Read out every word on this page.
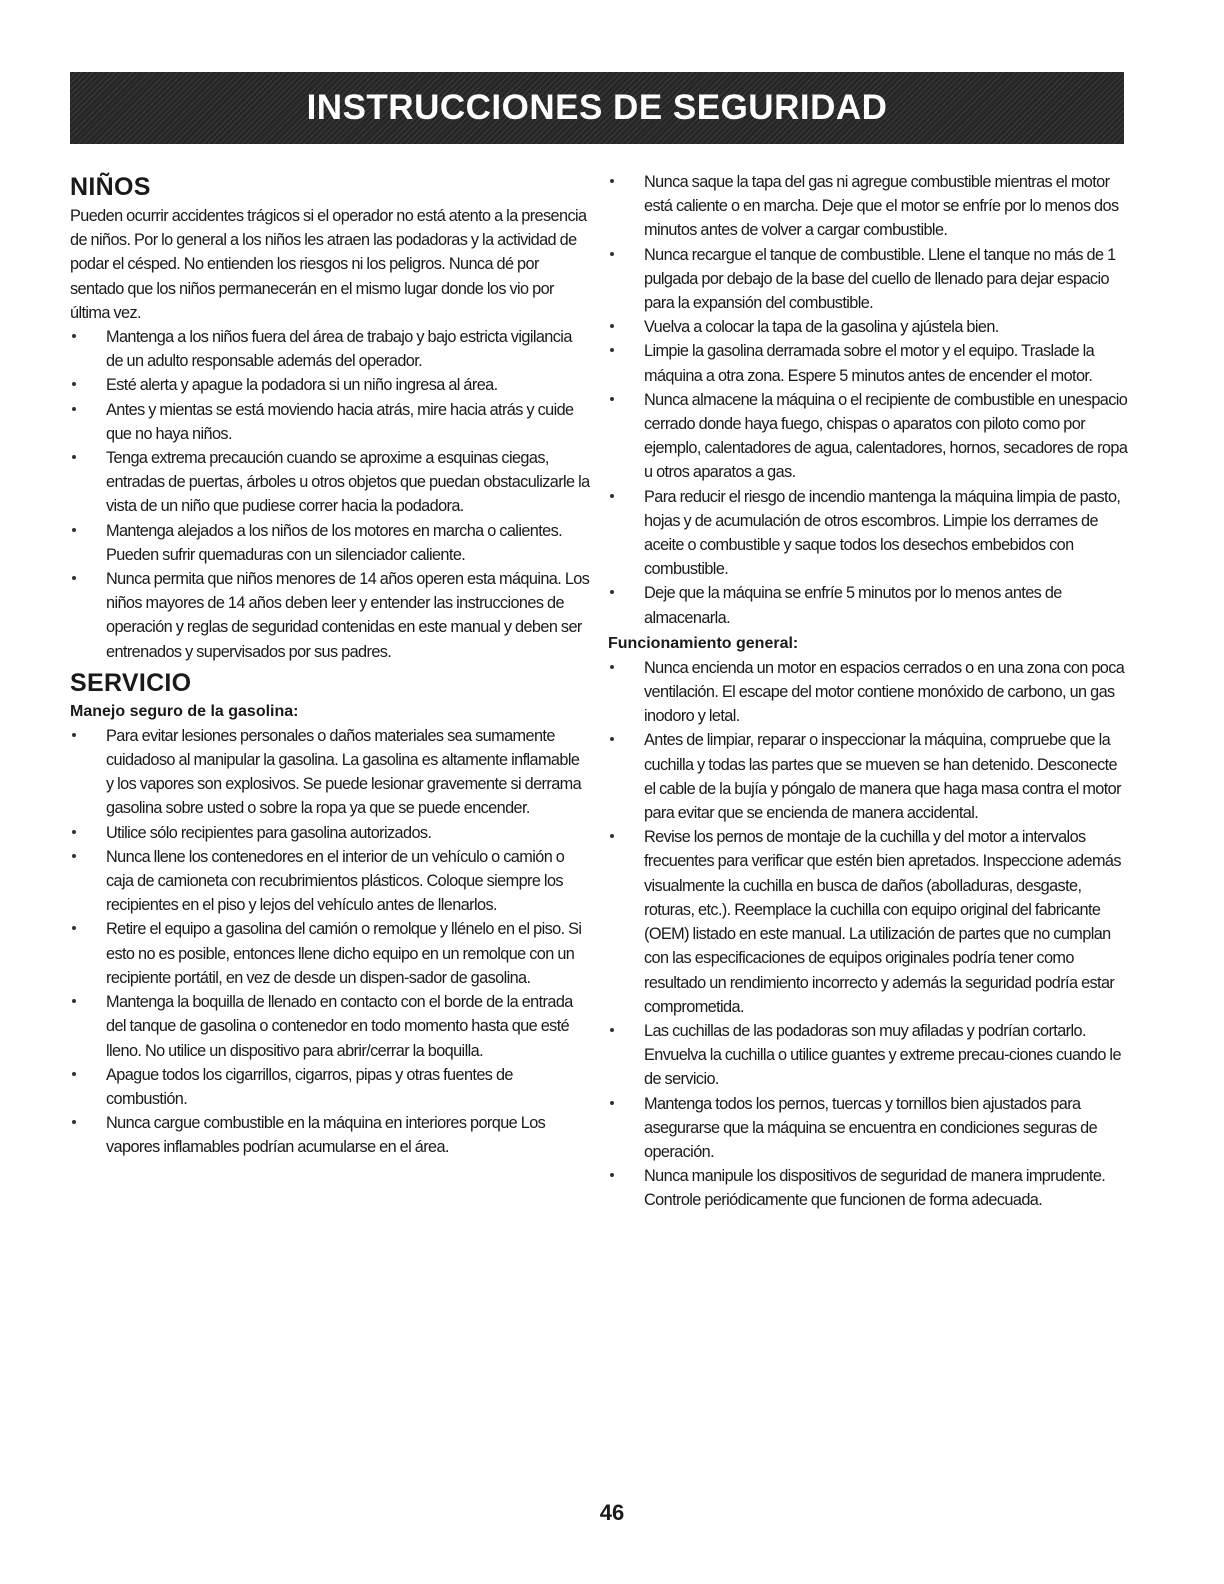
INSTRUCCIONES DE SEGURIDAD
NIÑOS

Pueden ocurrir accidentes trágicos si el operador no está atento a la presencia de niños. Por lo general a los niños les atraen las podadoras y la actividad de podar el césped. No entienden los riesgos ni los peligros. Nunca dé por sentado que los niños permanecerán en el mismo lugar donde los vio por última vez.

Mantenga a los niños fuera del área de trabajo y bajo estricta vigilancia de un adulto responsable además del operador.
Esté alerta y apague la podadora si un niño ingresa al área.
Antes y mientas se está moviendo hacia atrás, mire hacia atrás y cuide que no haya niños.
Tenga extrema precaución cuando se aproxime a esquinas ciegas, entradas de puertas, árboles u otros objetos que puedan obstaculizarle la vista de un niño que pudiese correr hacia la podadora.
Mantenga alejados a los niños de los motores en marcha o calientes. Pueden sufrir quemaduras con un silenciador caliente.
Nunca permita que niños menores de 14 años operen esta máquina. Los niños mayores de 14 años deben leer y entender las instrucciones de operación y reglas de seguridad contenidas en este manual y deben ser entrenados y supervisados por sus padres.
SERVICIO
Manejo seguro de la gasolina:
Para evitar lesiones personales o daños materiales sea sumamente cuidadoso al manipular la gasolina. La gasolina es altamente inflamable y los vapores son explosivos. Se puede lesionar gravemente si derrama gasolina sobre usted o sobre la ropa ya que se puede encender.
Utilice sólo recipientes para gasolina autorizados.
Nunca llene los contenedores en el interior de un vehículo o camión o caja de camioneta con recubrimientos plásticos. Coloque siempre los recipientes en el piso y lejos del vehículo antes de llenarlos.
Retire el equipo a gasolina del camión o remolque y llénelo en el piso. Si esto no es posible, entonces llene dicho equipo en un remolque con un recipiente portátil, en vez de desde un dispen-sador de gasolina.
Mantenga la boquilla de llenado en contacto con el borde de la entrada del tanque de gasolina o contenedor en todo momento hasta que esté lleno. No utilice un dispositivo para abrir/cerrar la boquilla.
Apague todos los cigarrillos, cigarros, pipas y otras fuentes de combustión.
Nunca cargue combustible en la máquina en interiores porque Los vapores inflamables podrían acumularse en el área.
Nunca saque la tapa del gas ni agregue combustible mientras el motor está caliente o en marcha. Deje que el motor se enfríe por lo menos dos minutos antes de volver a cargar combustible.
Nunca recargue el tanque de combustible. Llene el tanque no más de 1 pulgada por debajo de la base del cuello de llenado para dejar espacio para la expansión del combustible.
Vuelva a colocar la tapa de la gasolina y ajústela bien.
Limpie la gasolina derramada sobre el motor y el equipo. Traslade la máquina a otra zona. Espere 5 minutos antes de encender el motor.
Nunca almacene la máquina o el recipiente de combustible en unespacio cerrado donde haya fuego, chispas o aparatos con piloto como por ejemplo, calentadores de agua, calentadores, hornos, secadores de ropa u otros aparatos a gas.
Para reducir el riesgo de incendio mantenga la máquina limpia de pasto, hojas y de acumulación de otros escombros. Limpie los derrames de aceite o combustible y saque todos los desechos embebidos con combustible.
Deje que la máquina se enfríe 5 minutos por lo menos antes de almacenarla.
Funcionamiento general:
Nunca encienda un motor en espacios cerrados o en una zona con poca ventilación. El escape del motor contiene monóxido de carbono, un gas inodoro y letal.
Antes de limpiar, reparar o inspeccionar la máquina, compruebe que la cuchilla y todas las partes que se mueven se han detenido. Desconecte el cable de la bujía y póngalo de manera que haga masa contra el motor para evitar que se encienda de manera accidental.
Revise los pernos de montaje de la cuchilla y del motor a intervalos frecuentes para verificar que estén bien apretados. Inspeccione además visualmente la cuchilla en busca de daños (abolladuras, desgaste, roturas, etc.). Reemplace la cuchilla con equipo original del fabricante (OEM) listado en este manual. La utilización de partes que no cumplan con las especificaciones de equipos originales podría tener como resultado un rendimiento incorrecto y además la seguridad podría estar comprometida.
Las cuchillas de las podadoras son muy afiladas y podrían cortarlo. Envuelva la cuchilla o utilice guantes y extreme precau-ciones cuando le de servicio.
Mantenga todos los pernos, tuercas y tornillos bien ajustados para asegurarse que la máquina se encuentra en condiciones seguras de operación.
Nunca manipule los dispositivos de seguridad de manera imprudente. Controle periódicamente que funcionen de forma adecuada.
46
